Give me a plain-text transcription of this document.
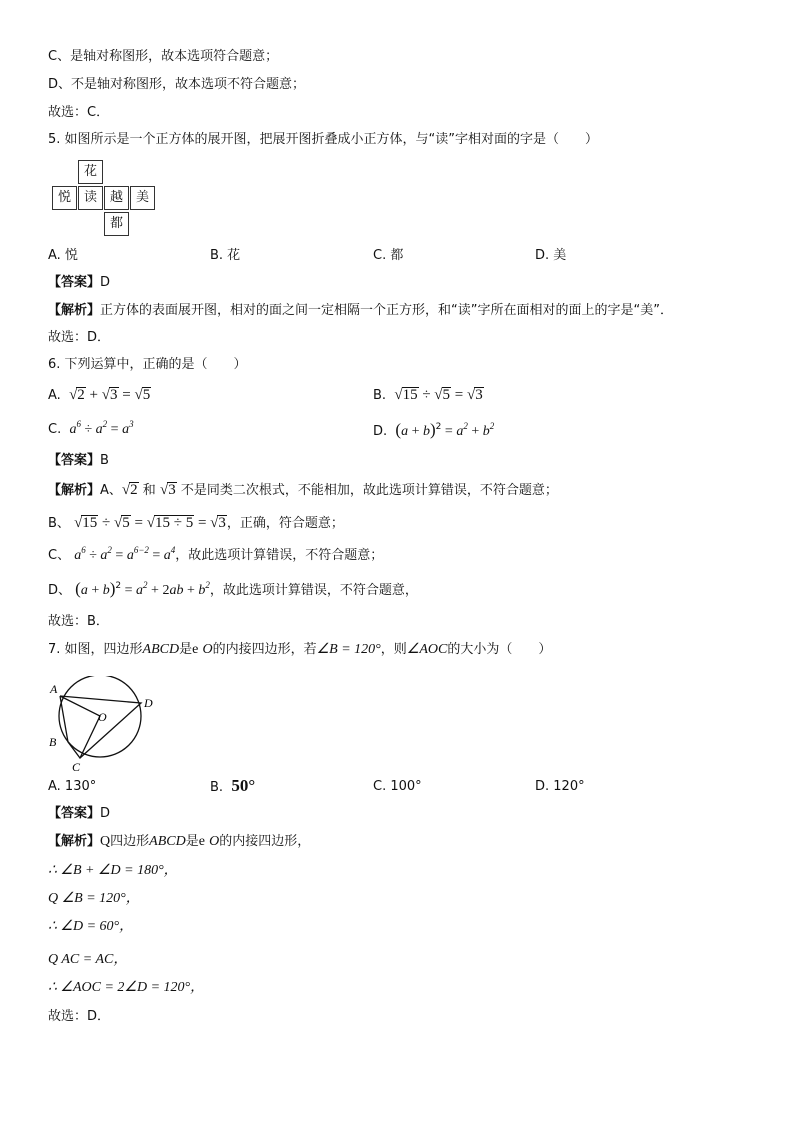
C、是轴对称图形，故本选项符合题意；
D、不是轴对称图形，故本选项不符合题意；
故选：C．
5. 如图所示是一个正方体的展开图，把展开图折叠成小正方体，与“读”字相对面的字是（　　）
花
悦 读 越 美
都
A. 悦	B. 花	C. 都	D. 美
【答案】D
【解析】正方体的表面展开图，相对的面之间一定相隔一个正方形，和“读”字所在面相对的面上的字是“美”．
故选：D．
6. 下列运算中，正确的是（　　）
A. √2 + √3 = √5	B. √15 ÷ √5 = √3
C. $a^6 \div a^2 = a^3$	D. $(a + b)^2 = a^2 + b^2$
【答案】B
【解析】A、√2 和 √3 不是同类二次根式，不能相加，故此选项计算错误，不符合题意；
B、 √15 ÷ √5 = √15 ÷ 5 = √3，正确，符合题意；
C、 $a^6 \div a^2 = a^{6-2} = a^4$，故此选项计算错误，不符合题意；
D、 $(a + b)^2 = a^2 + 2ab + b^2$，故此选项计算错误，不符合题意，
故选：B．
7. 如图，四边形ABCD是e O的内接四边形，若∠B = 120°，则∠AOC的大小为（　　）
A
B
C
D
O
A. 130°	B. 50°	C. 100°	D. 120°
【答案】D
【解析】Q四边形ABCD是e O的内接四边形，
∴ ∠B + ∠D = 180°，
Q ∠B = 120°，
∴ ∠D = 60°，
Q AC = AC，
∴ ∠AOC = 2∠D = 120°，
故选：D．
